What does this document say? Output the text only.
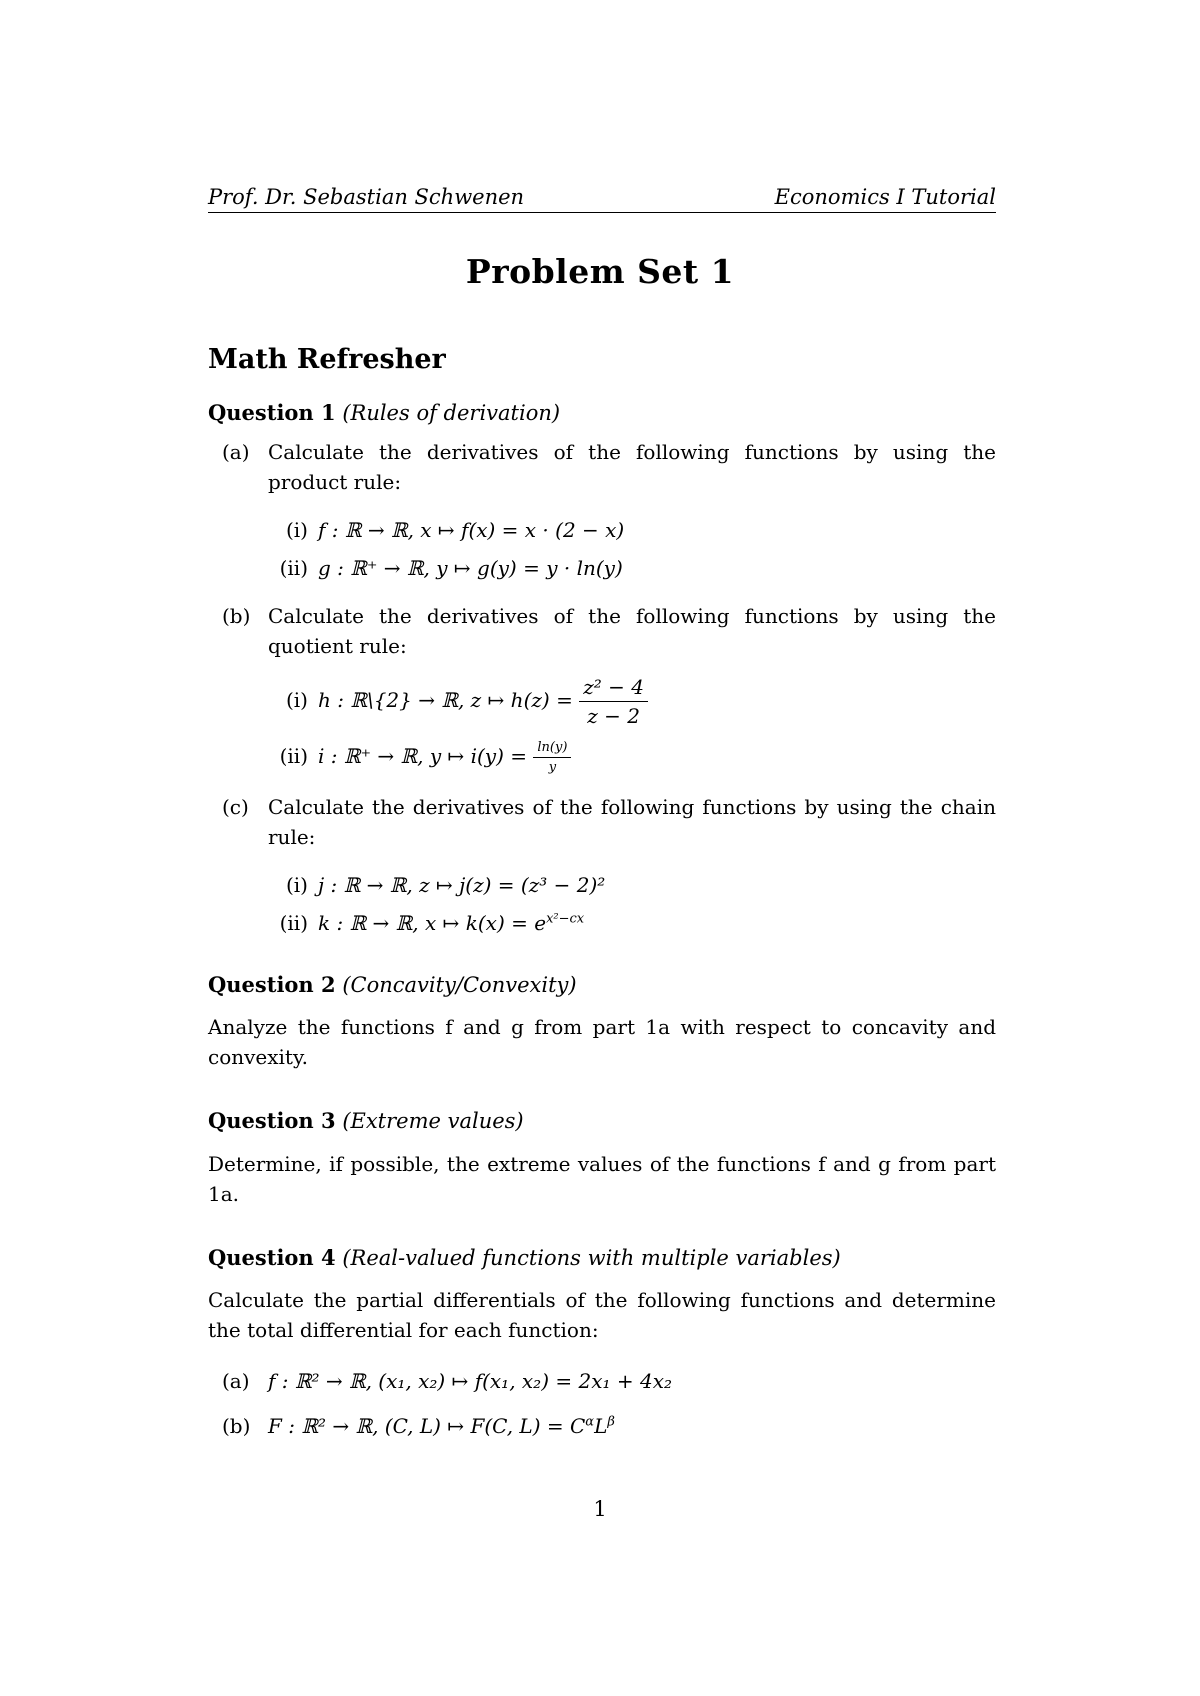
Prof. Dr. Sebastian Schwenen	Economics I Tutorial
Problem Set 1
Math Refresher
Question 1 (Rules of derivation)
(a) Calculate the derivatives of the following functions by using the product rule:
(i) f : ℝ → ℝ, x ↦ f(x) = x · (2 − x)
(ii) g : ℝ⁺ → ℝ, y ↦ g(y) = y · ln(y)
(b) Calculate the derivatives of the following functions by using the quotient rule:
(i) h : ℝ\{2} → ℝ, z ↦ $h(z) = \frac{\text{z² − 4}}{z - 2}$
(ii) i : ℝ⁺ → ℝ, y ↦ $i(y) = \frac{\ln(y)}{y}$
(c) Calculate the derivatives of the following functions by using the chain rule:
(i) j : ℝ → ℝ, z ↦ j(z) = (z³ − 2)²
(ii) k : ℝ → ℝ, x ↦ $k(x) = e^{x^2-cx}$
Question 2 (Concavity/Convexity)
Analyze the functions f and g from part 1a with respect to concavity and convexity.
Question 3 (Extreme values)
Determine, if possible, the extreme values of the functions f and g from part 1a.
Question 4 (Real-valued functions with multiple variables)
Calculate the partial differentials of the following functions and determine the total differential for each function:
(a) f : ℝ² → ℝ, (x₁, x₂) ↦ f(x₁, x₂) = 2x₁ + 4x₂
(b) F : ℝ² → ℝ, (C, L) ↦ F(C, $L) = C^\alpha L^\beta$
1
